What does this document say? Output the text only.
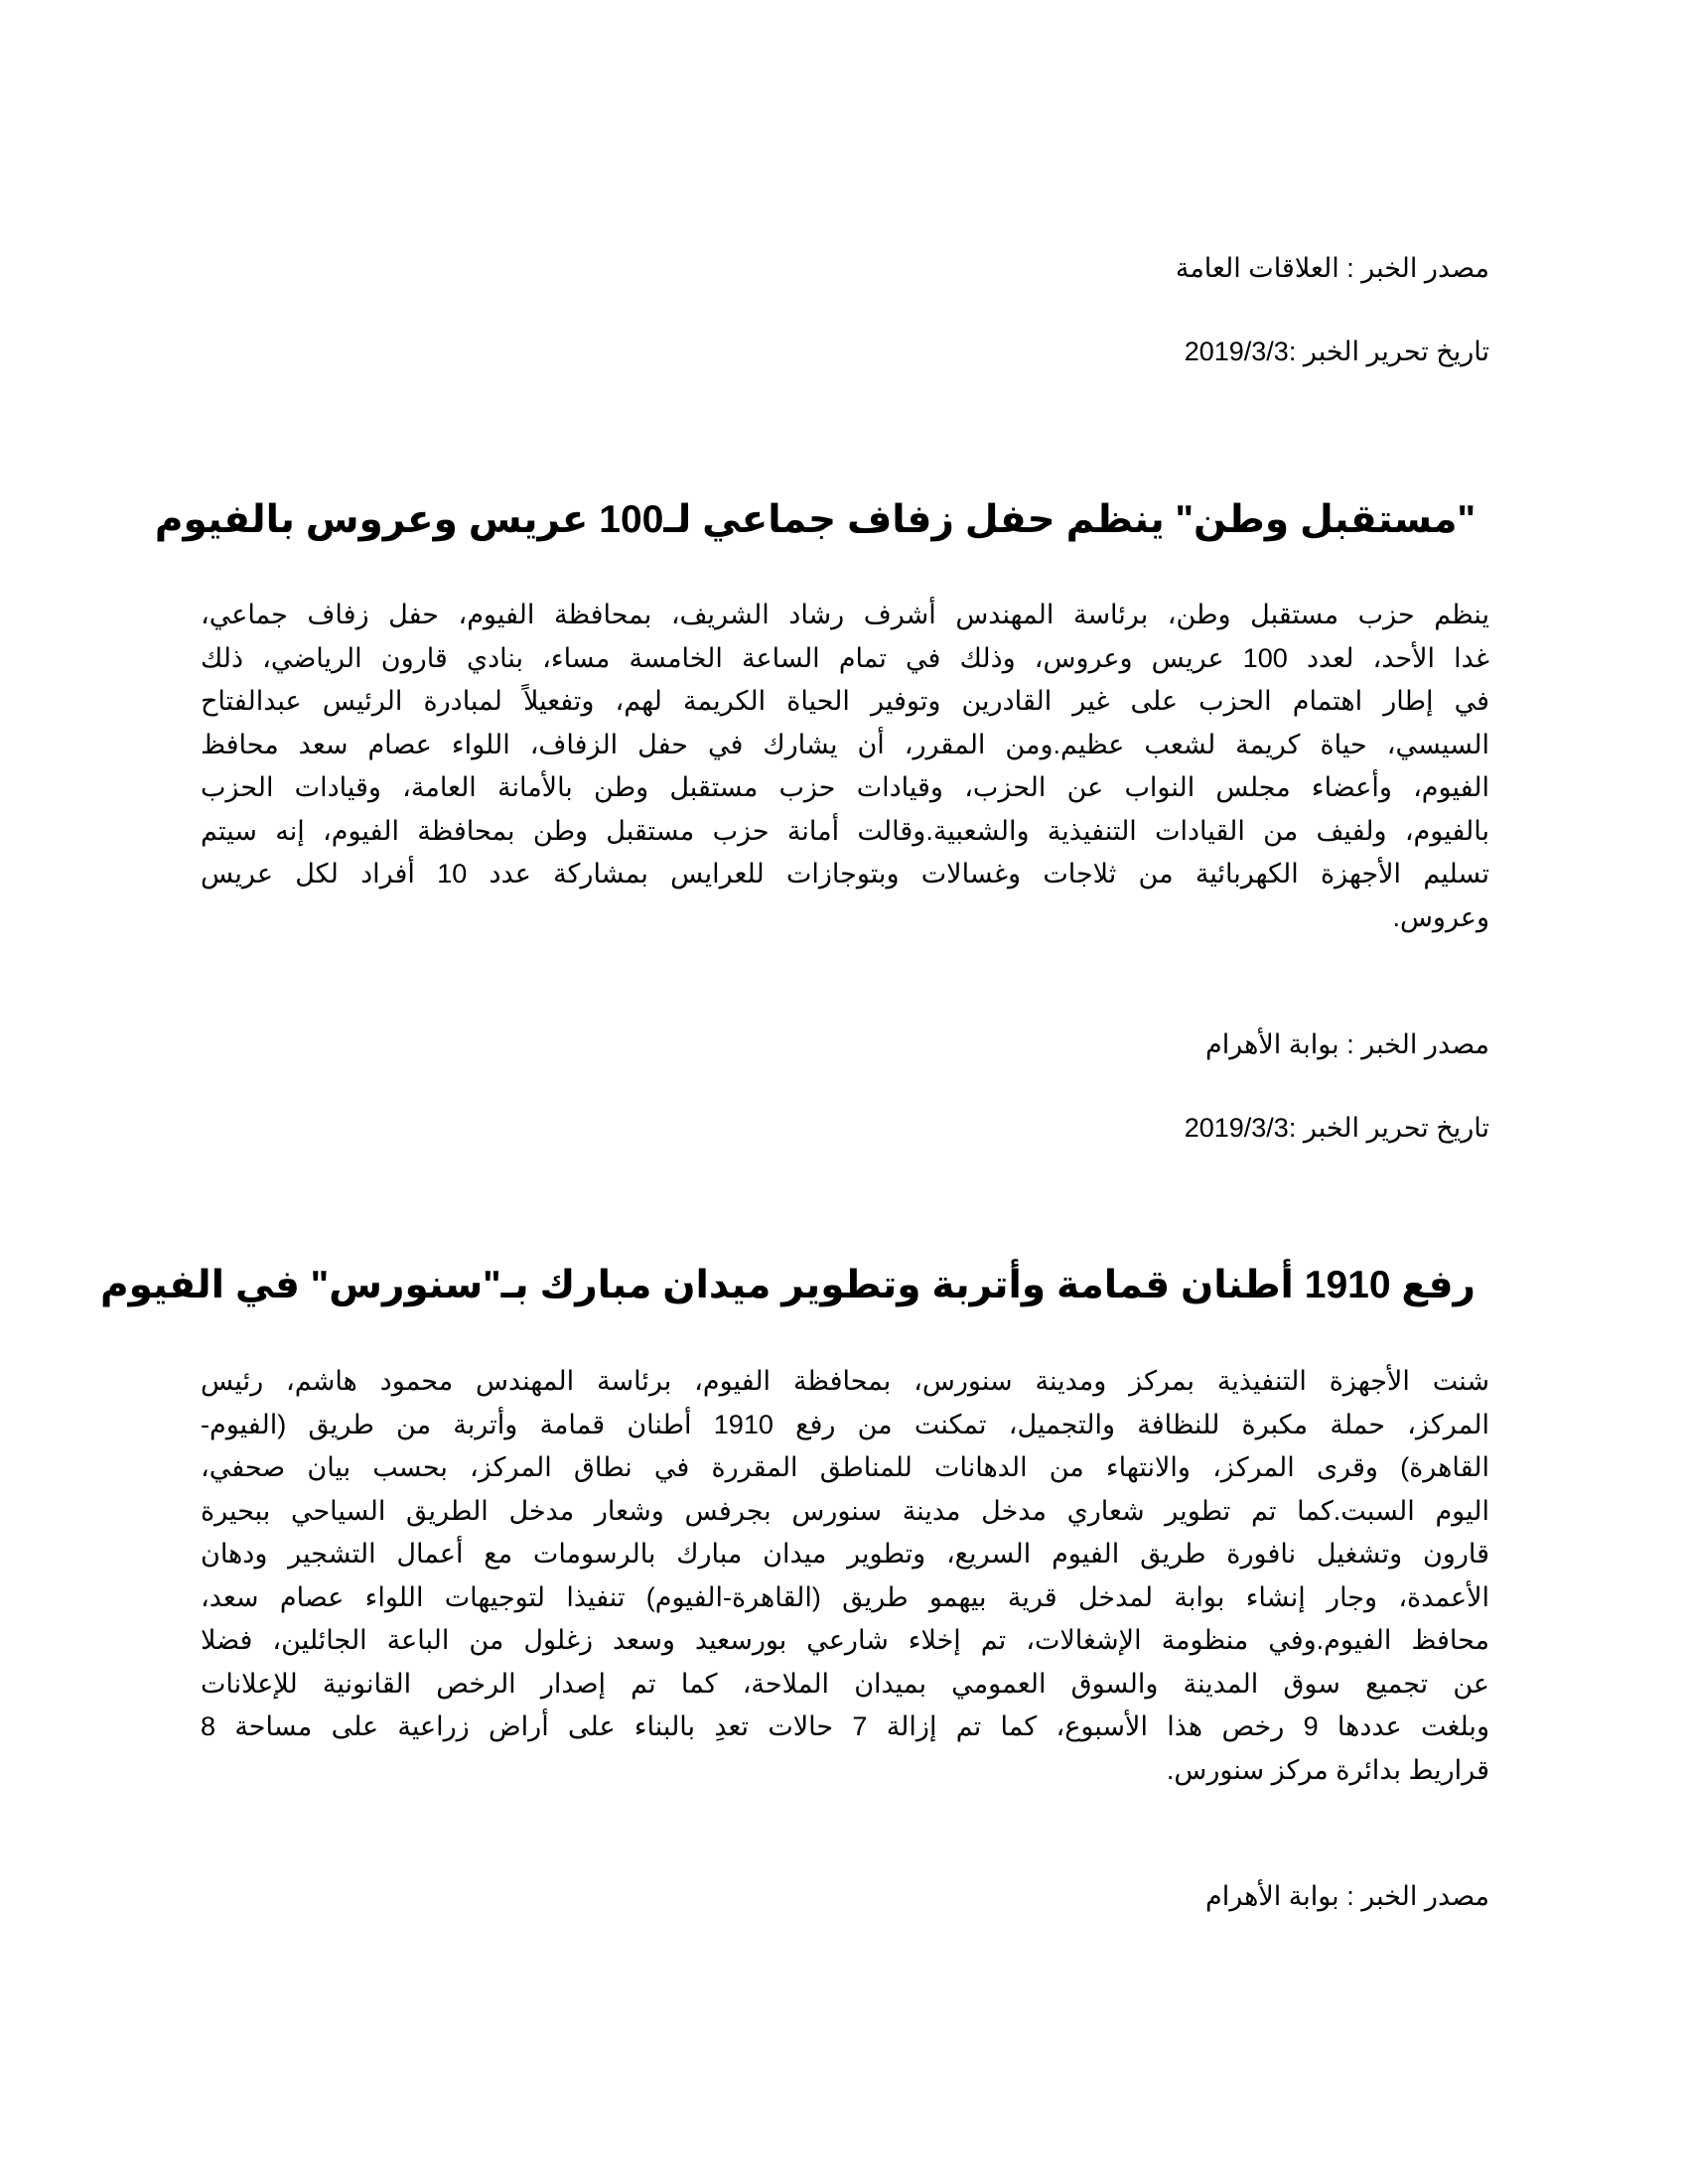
مصدر الخبر : العلاقات العامة
تاريخ تحرير الخبر :2019/3/3
"مستقبل وطن" ينظم حفل زفاف جماعي لـ100 عريس وعروس بالفيوم
ينظم حزب مستقبل وطن، برئاسة المهندس أشرف رشاد الشريف، بمحافظة الفيوم، حفل زفاف جماعي،
غدا الأحد، لعدد 100 عريس وعروس، وذلك في تمام الساعة الخامسة مساء، بنادي قارون الرياضي، ذلك
في إطار اهتمام الحزب على غير القادرين وتوفير الحياة الكريمة لهم، وتفعيلاً لمبادرة الرئيس عبدالفتاح
السيسي، حياة كريمة لشعب عظيم.ومن المقرر، أن يشارك في حفل الزفاف، اللواء عصام سعد محافظ
الفيوم، وأعضاء مجلس النواب عن الحزب، وقيادات حزب مستقبل وطن بالأمانة العامة، وقيادات الحزب
بالفيوم، ولفيف من القيادات التنفيذية والشعبية.وقالت أمانة حزب مستقبل وطن بمحافظة الفيوم، إنه سيتم
تسليم الأجهزة الكهربائية من ثلاجات وغسالات وبتوجازات للعرايس بمشاركة عدد 10 أفراد لكل عريس
وعروس.
مصدر الخبر : بوابة الأهرام
تاريخ تحرير الخبر :2019/3/3
رفع 1910 أطنان قمامة وأتربة وتطوير ميدان مبارك بـ"سنورس" في الفيوم
شنت الأجهزة التنفيذية بمركز ومدينة سنورس، بمحافظة الفيوم، برئاسة المهندس محمود هاشم، رئيس
المركز، حملة مكبرة للنظافة والتجميل، تمكنت من رفع 1910 أطنان قمامة وأتربة من طريق (الفيوم-
القاهرة) وقرى المركز، والانتهاء من الدهانات للمناطق المقررة في نطاق المركز، بحسب بيان صحفي،
اليوم السبت.كما تم تطوير شعاري مدخل مدينة سنورس بجرفس وشعار مدخل الطريق السياحي ببحيرة
قارون وتشغيل نافورة طريق الفيوم السريع، وتطوير ميدان مبارك بالرسومات مع أعمال التشجير ودهان
الأعمدة، وجار إنشاء بوابة لمدخل قرية بيهمو طريق (القاهرة-الفيوم) تنفيذا لتوجيهات اللواء عصام سعد،
محافظ الفيوم.وفي منظومة الإشغالات، تم إخلاء شارعي بورسعيد وسعد زغلول من الباعة الجائلين، فضلا
عن تجميع سوق المدينة والسوق العمومي بميدان الملاحة، كما تم إصدار الرخص القانونية للإعلانات
وبلغت عددها 9 رخص هذا الأسبوع، كما تم إزالة 7 حالات تعدِ بالبناء على أراض زراعية على مساحة 8
قراريط بدائرة مركز سنورس.
مصدر الخبر : بوابة الأهرام
